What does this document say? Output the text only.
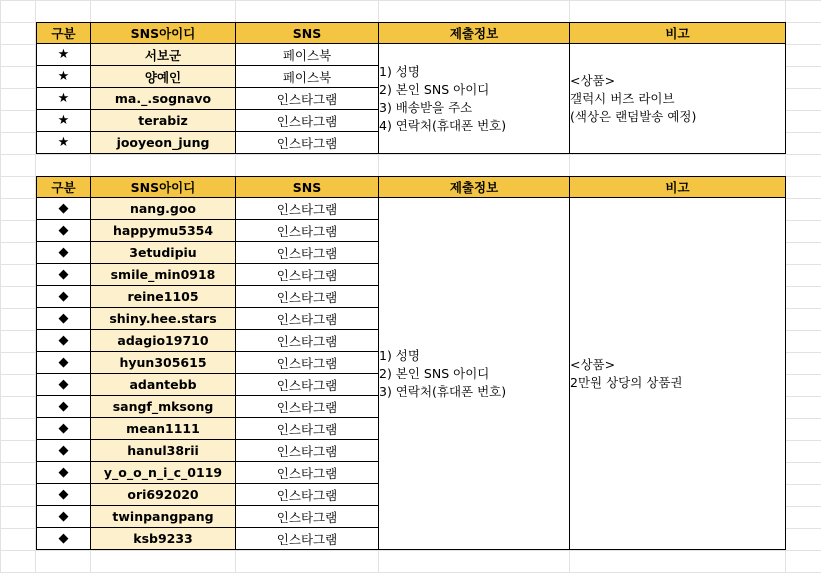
구분	SNS아이디	SNS	제출정보	비고
★	서보군	페이스북	1) 성명
2) 본인 SNS 아이디
3) 배송받을 주소
4) 연락처(휴대폰 번호)	<상품>
갤럭시 버즈 라이브
(색상은 랜덤발송 예정)

★	양예인	페이스북		
★	ma._.sognavo	인스타그램		
★	terabiz	인스타그램		
★	jooyeon_jung	인스타그램		
구분	SNS아이디	SNS	제출정보	비고
◆	nang.goo	인스타그램	1) 성명
2) 본인 SNS 아이디
3) 연락처(휴대폰 번호)	<상품>
2만원 상당의 상품권

◆	happymu5354	인스타그램		
◆	3etudipiu	인스타그램		
◆	smile_min0918	인스타그램		
◆	reine1105	인스타그램		
◆	shiny.hee.stars	인스타그램		
◆	adagio19710	인스타그램		
◆	hyun305615	인스타그램		
◆	adantebb	인스타그램		
◆	sangf_mksong	인스타그램		
◆	mean1111	인스타그램		
◆	hanul38rii	인스타그램		
◆	y_o_o_n_i_c_0119	인스타그램		
◆	ori692020	인스타그램		
◆	twinpangpang	인스타그램		
◆	ksb9233	인스타그램		
